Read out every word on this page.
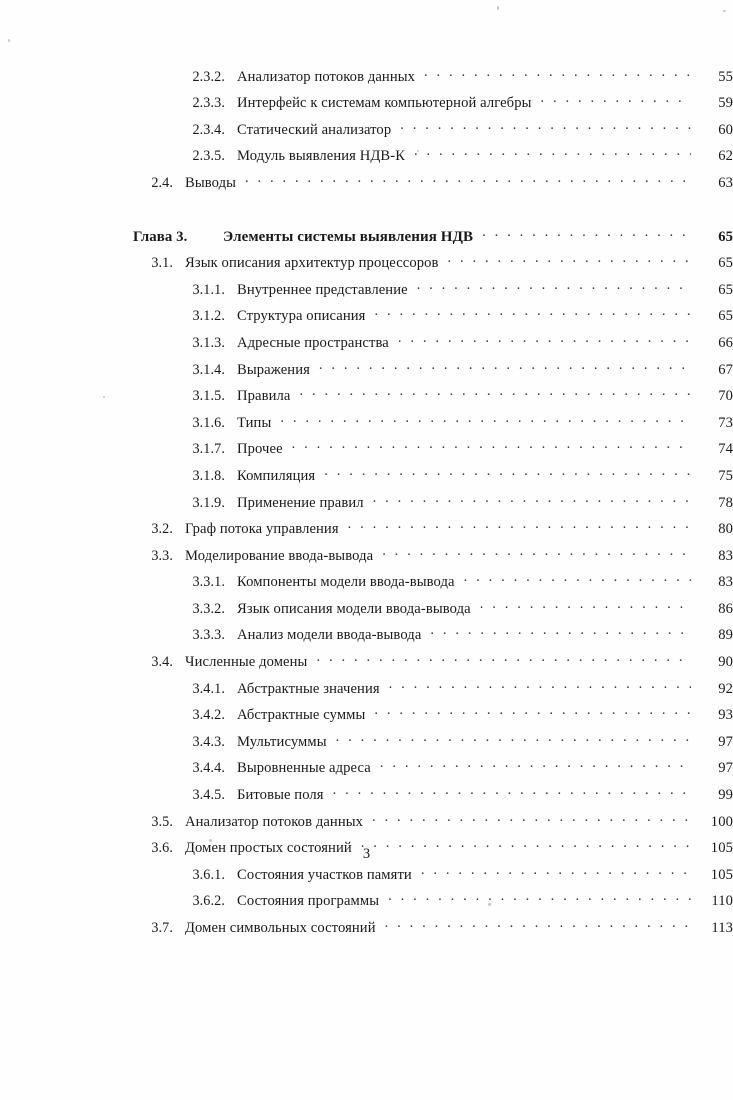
2.3.2. Анализатор потоков данных . . .	55
2.3.3. Интерфейс к системам компьютерной алгебры . . .	59
2.3.4. Статический анализатор . . .	60
2.3.5. Модуль выявления НДВ-К . . .	62
2.4. Выводы . . .	63
Глава 3.	Элементы системы выявления НДВ . . .	65
3.1. Язык описания архитектур процессоров . . .	65
3.1.1. Внутреннее представление . . .	65
3.1.2. Структура описания . . .	65
3.1.3. Адресные пространства . . .	66
3.1.4. Выражения . . .	67
3.1.5. Правила . . .	70
3.1.6. Типы . . .	73
3.1.7. Прочее . . .	74
3.1.8. Компиляция . . .	75
3.1.9. Применение правил . . .	78
3.2. Граф потока управления . . .	80
3.3. Моделирование ввода-вывода . . .	83
3.3.1. Компоненты модели ввода-вывода . . .	83
3.3.2. Язык описания модели ввода-вывода . . .	86
3.3.3. Анализ модели ввода-вывода . . .	89
3.4. Численные домены . . .	90
3.4.1. Абстрактные значения . . .	92
3.4.2. Абстрактные суммы . . .	93
3.4.3. Мультисуммы . . .	97
3.4.4. Выровненные адреса . . .	97
3.4.5. Битовые поля . . .	99
3.5. Анализатор потоков данных . . .	100
3.6. Домен простых состояний . . .	105
3.6.1. Состояния участков памяти . . .	105
3.6.2. Состояния программы . . .	110
3.7. Домен символьных состояний . . .	113
3
